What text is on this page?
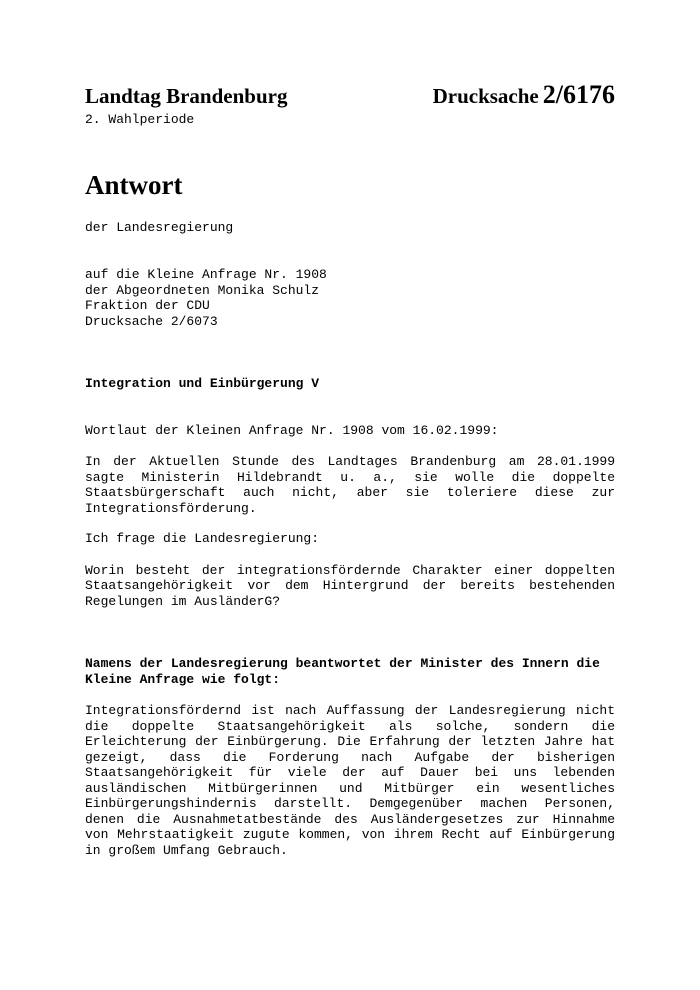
Landtag Brandenburg	Drucksache 2/6176
2. Wahlperiode
Antwort
der Landesregierung
auf die Kleine Anfrage Nr. 1908
der Abgeordneten Monika Schulz
Fraktion der CDU
Drucksache 2/6073
Integration und Einbürgerung V
Wortlaut der Kleinen Anfrage Nr. 1908 vom 16.02.1999:
In der Aktuellen Stunde des Landtages Brandenburg am 28.01.1999 sagte Ministerin Hildebrandt u. a., sie wolle die doppelte Staatsbürgerschaft auch nicht, aber sie toleriere diese zur Integrationsförderung.
Ich frage die Landesregierung:
Worin besteht der integrationsfördernde Charakter einer doppelten Staatsangehörigkeit vor dem Hintergrund der bereits bestehenden Regelungen im AusländerG?
Namens der Landesregierung beantwortet der Minister des Innern die Kleine Anfrage wie folgt:
Integrationsfördernd ist nach Auffassung der Landesregierung nicht die doppelte Staatsangehörigkeit als solche, sondern die Erleichterung der Einbürgerung. Die Erfahrung der letzten Jahre hat gezeigt, dass die Forderung nach Aufgabe der bisherigen Staatsangehörigkeit für viele der auf Dauer bei uns lebenden ausländischen Mitbürgerinnen und Mitbürger ein wesentliches Einbürgerungshindernis darstellt. Demgegenüber machen Personen, denen die Ausnahmetatbestände des Ausländergesetzes zur Hinnahme von Mehrstaatigkeit zugute kommen, von ihrem Recht auf Einbürgerung in großem Umfang Gebrauch.
